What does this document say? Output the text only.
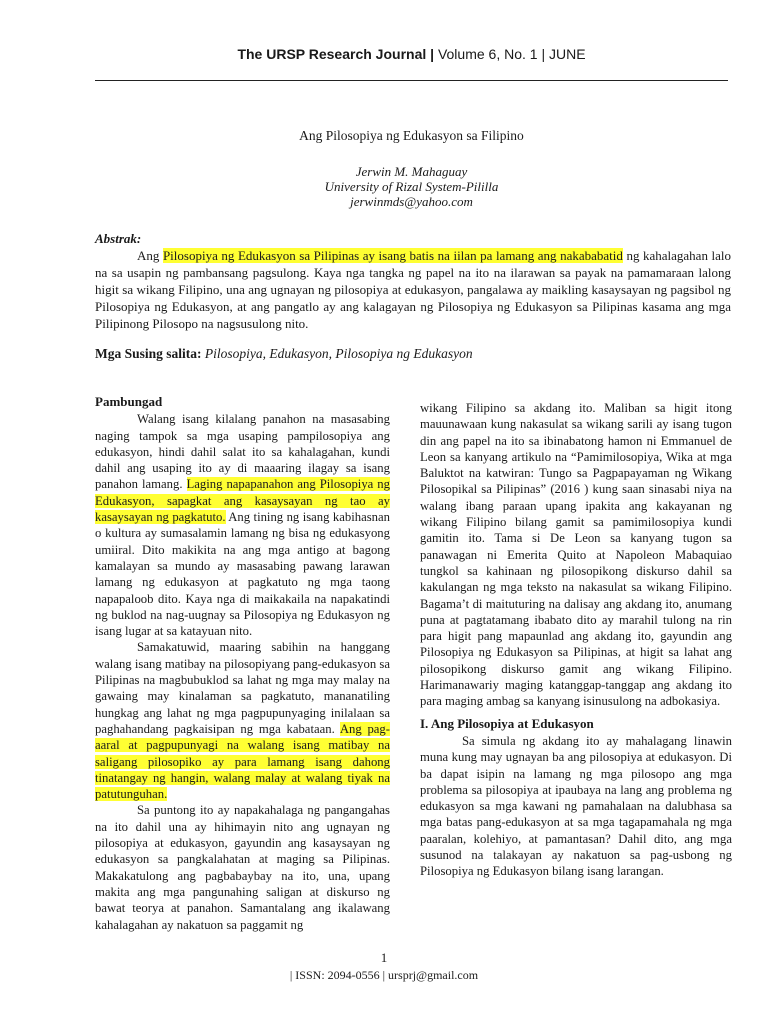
The URSP Research Journal | Volume 6, No. 1 | JUNE
Ang Pilosopiya ng Edukasyon sa Filipino
Jerwin M. Mahaguay
University of Rizal System-Pililla
jerwinmds@yahoo.com
Abstrak:

Ang Pilosopiya ng Edukasyon sa Pilipinas ay isang batis na iilan pa lamang ang nakababatid ng kahalagahan lalo na sa usapin ng pambansang pagsulong. Kaya nga tangka ng papel na ito na ilarawan sa payak na pamamaraan lalong higit sa wikang Filipino, una ang ugnayan ng pilosopiya at edukasyon, pangalawa ay maikling kasaysayan ng pagsibol ng Pilosopiya ng Edukasyon, at ang pangatlo ay ang kalagayan ng Pilosopiya ng Edukasyon sa Pilipinas kasama ang mga Pilipinong Pilosopo na nagsusulong nito.

Mga Susing salita: Pilosopiya, Edukasyon, Pilosopiya ng Edukasyon
Pambungad

Walang isang kilalang panahon na masasabing naging tampok sa mga usaping pampilosopiya ang edukasyon, hindi dahil salat ito sa kahalagahan, kundi dahil ang usaping ito ay di maaaring ilagay sa isang panahon lamang. Laging napapanahon ang Pilosopiya ng Edukasyon, sapagkat ang kasaysayan ng tao ay kasaysayan ng pagkatuto. Ang tining ng isang kabihasnan o kultura ay sumasalamin lamang ng bisa ng edukasyong umiiral. Dito makikita na ang mga antigo at bagong kamalayan sa mundo ay masasabing pawang larawan lamang ng edukasyon at pagkatuto ng mga taong napapaloob dito. Kaya nga di maikakaila na napakatindi ng buklod na nag-uugnay sa Pilosopiya ng Edukasyon ng isang lugar at sa katayuan nito.

Samakatuwid, maaring sabihin na hanggang walang isang matibay na pilosopiyang pang-edukasyon sa Pilipinas na magbubuklod sa lahat ng mga may malay na gawaing may kinalaman sa pagkatuto, mananatiling hungkag ang lahat ng mga pagpupunyaging inilalaan sa paghahandang pagkaisipan ng mga kabataan. Ang pag-aaral at pagpupunyagi na walang isang matibay na saligang pilosopiko ay para lamang isang dahong tinatangay ng hangin, walang malay at walang tiyak na patutunguhan.

Sa puntong ito ay napakahalaga ng pangangahas na ito dahil una ay hihimayin nito ang ugnayan ng pilosopiya at edukasyon, gayundin ang kasaysayan ng edukasyon sa pangkalahatan at maging sa Pilipinas. Makakatulong ang pagbabaybay na ito, una, upang makita ang mga pangunahing saligan at diskurso ng bawat teorya at panahon. Samantalang ang ikalawang kahalagahan ay nakatuon sa paggamit ng

wikang Filipino sa akdang ito. Maliban sa higit itong mauunawaan kung nakasulat sa wikang sarili ay isang tugon din ang papel na ito sa ibinabatong hamon ni Emmanuel de Leon sa kanyang artikulo na “Pamimilosopiya, Wika at mga Baluktot na katwiran: Tungo sa Pagpapayaman ng Wikang Pilosopikal sa Pilipinas” (2016 ) kung saan sinasabi niya na walang ibang paraan upang ipakita ang kakayanan ng wikang Filipino bilang gamit sa pamimilosopiya kundi gamitin ito. Tama si De Leon sa kanyang tugon sa panawagan ni Emerita Quito at Napoleon Mabaquiao tungkol sa kahinaan ng pilosopikong diskurso dahil sa kakulangan ng mga teksto na nakasulat sa wikang Filipino. Bagama’t di maituturing na dalisay ang akdang ito, anumang puna at pagtatamang ibabato dito ay marahil tulong na rin para higit pang mapaunlad ang akdang ito, gayundin ang Pilosopiya ng Edukasyon sa Pilipinas, at higit sa lahat ang pilosopikong diskurso gamit ang wikang Filipino. Harimanawariy maging katanggap-tanggap ang akdang ito para maging ambag sa kanyang isinusulong na adbokasiya.

I. Ang Pilosopiya at Edukasyon

Sa simula ng akdang ito ay mahalagang linawin muna kung may ugnayan ba ang pilosopiya at edukasyon. Di ba dapat isipin na lamang ng mga pilosopo ang mga problema sa pilosopiya at ipaubaya na lang ang problema ng edukasyon sa mga kawani ng pamahalaan na dalubhasa sa mga batas pang-edukasyon at sa mga tagapamahala ng mga paaralan, kolehiyo, at pamantasan? Dahil dito, ang mga susunod na talakayan ay nakatuon sa pag-usbong ng Pilosopiya ng Edukasyon bilang isang larangan.

1
| ISSN: 2094-0556 | ursprj@gmail.com
